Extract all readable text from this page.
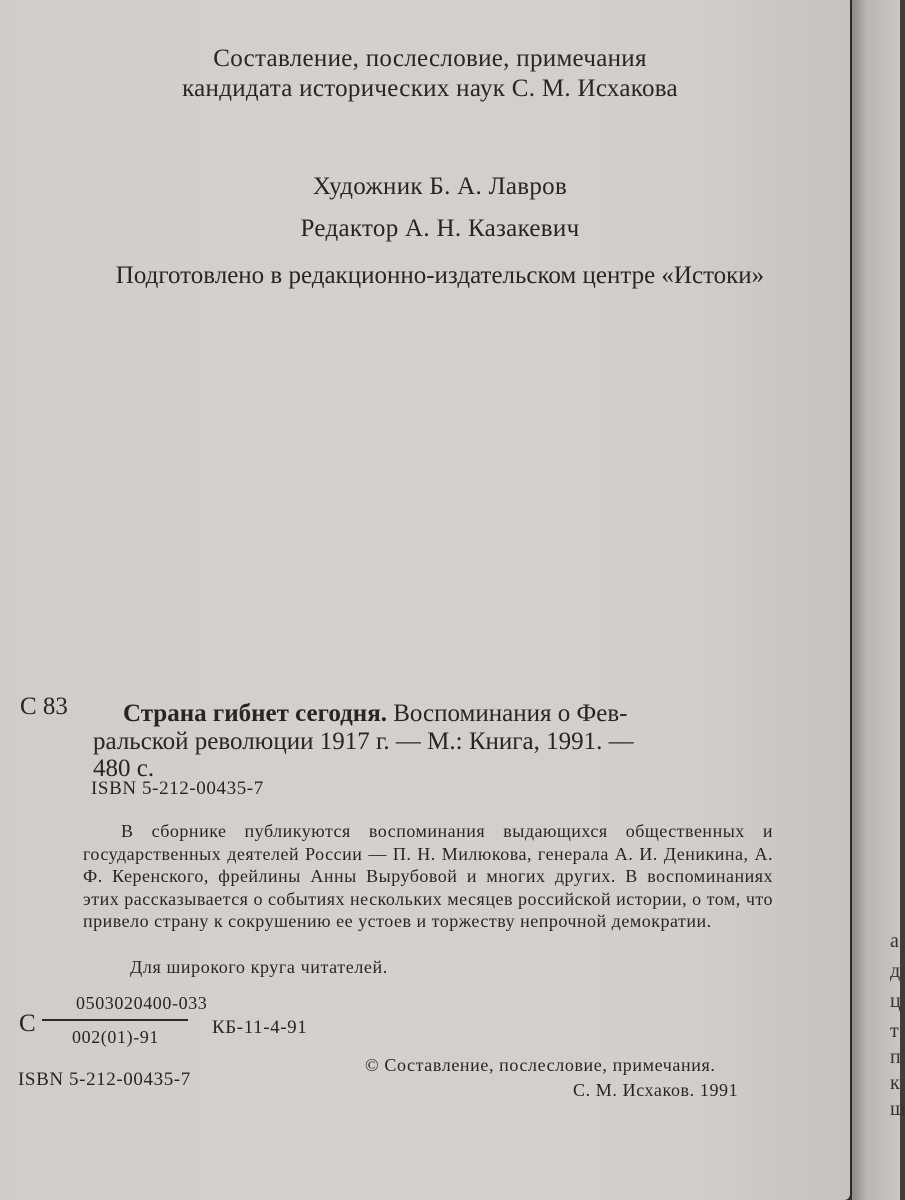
Составление, послесловие, примечания
кандидата исторических наук С. М. Исхакова
Художник Б. А. Лавров
Редактор А. Н. Казакевич
Подготовлено в редакционно-издательском центре «Истоки»
С 83 Страна гибнет сегодня. Воспоминания о Фев-
ральской революции 1917 г. — М.: Книга, 1991. —
480 с.
ISBN 5-212-00435-7
В сборнике публикуются воспоминания выдающихся общественных и государственных деятелей России — П. Н. Милюкова, генерала А. И. Деникина, А. Ф. Керенского, фрейлины Анны Вырубовой и многих других. В воспоминаниях этих рассказывается о событиях нескольких месяцев российской истории, о том, что привело страну к сокрушению ее устоев и торжеству непрочной демократии.
Для широкого круга читателей.
С
0503020400-033
002(01)-91	КБ-11-4-91
ISBN 5-212-00435-7
© Составление, послесловие, примечания.
С. М. Исхаков. 1991
а
д
ц
т
п
к
ш
